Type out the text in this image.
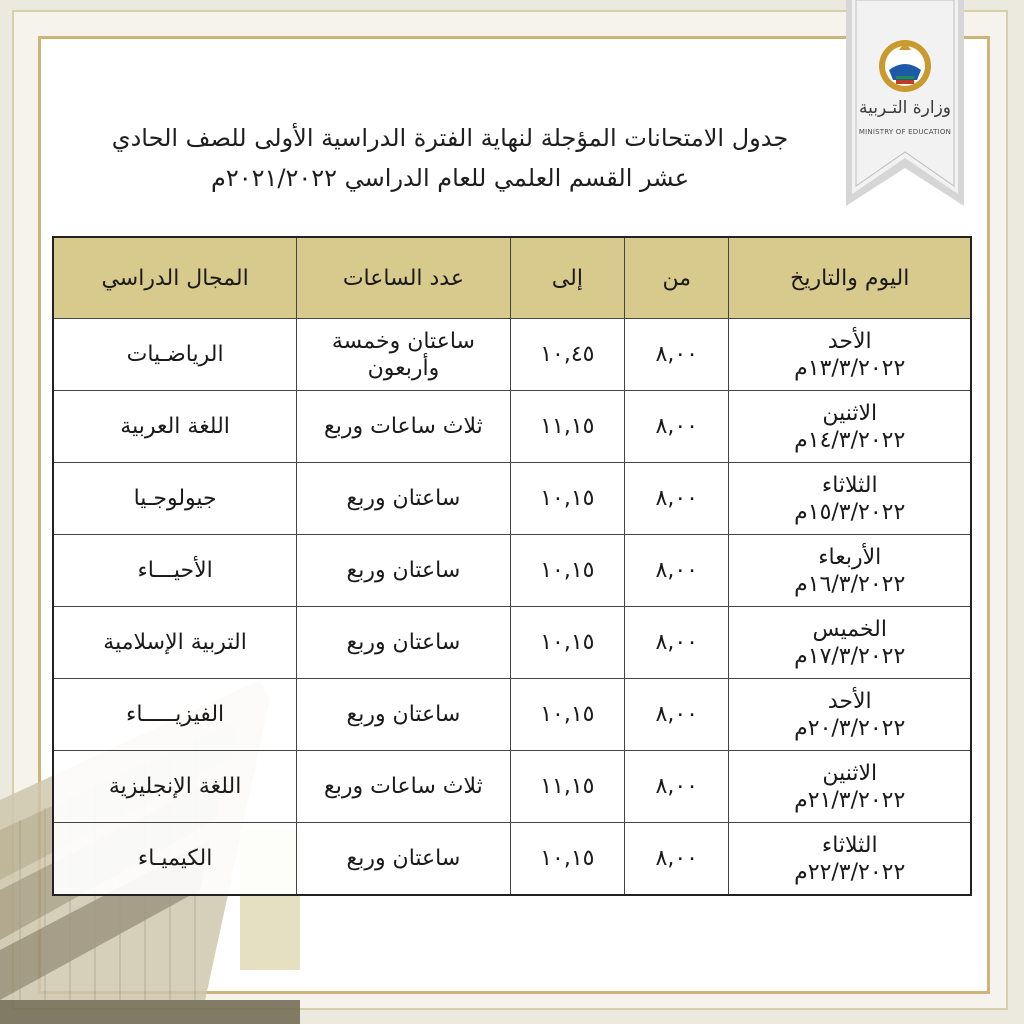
وزارة التـربية
MINISTRY OF EDUCATION
جدول الامتحانات المؤجلة لنهاية الفترة الدراسية الأولى للصف الحادي
عشر القسم العلمي للعام الدراسي ٢٠٢١/٢٠٢٢م
اليوم والتاريخ	من	إلى	عدد الساعات	المجال الدراسي

الأحد
١٣/٣/٢٠٢٢م	٨,٠٠	١٠,٤٥	ساعتان وخمسة وأربعون	الرياضـيات

الاثنين
١٤/٣/٢٠٢٢م	٨,٠٠	١١,١٥	ثلاث ساعات وربع	اللغة العربية

الثلاثاء
١٥/٣/٢٠٢٢م	٨,٠٠	١٠,١٥	ساعتان وربع	جيولوجـيا

الأربعاء
١٦/٣/٢٠٢٢م	٨,٠٠	١٠,١٥	ساعتان وربع	الأحيـــاء

الخميس
١٧/٣/٢٠٢٢م	٨,٠٠	١٠,١٥	ساعتان وربع	التربية الإسلامية

الأحد
٢٠/٣/٢٠٢٢م	٨,٠٠	١٠,١٥	ساعتان وربع	الفيزيـــــاء

الاثنين
٢١/٣/٢٠٢٢م	٨,٠٠	١١,١٥	ثلاث ساعات وربع	اللغة الإنجليزية

الثلاثاء
٢٢/٣/٢٠٢٢م	٨,٠٠	١٠,١٥	ساعتان وربع	الكيميـاء
